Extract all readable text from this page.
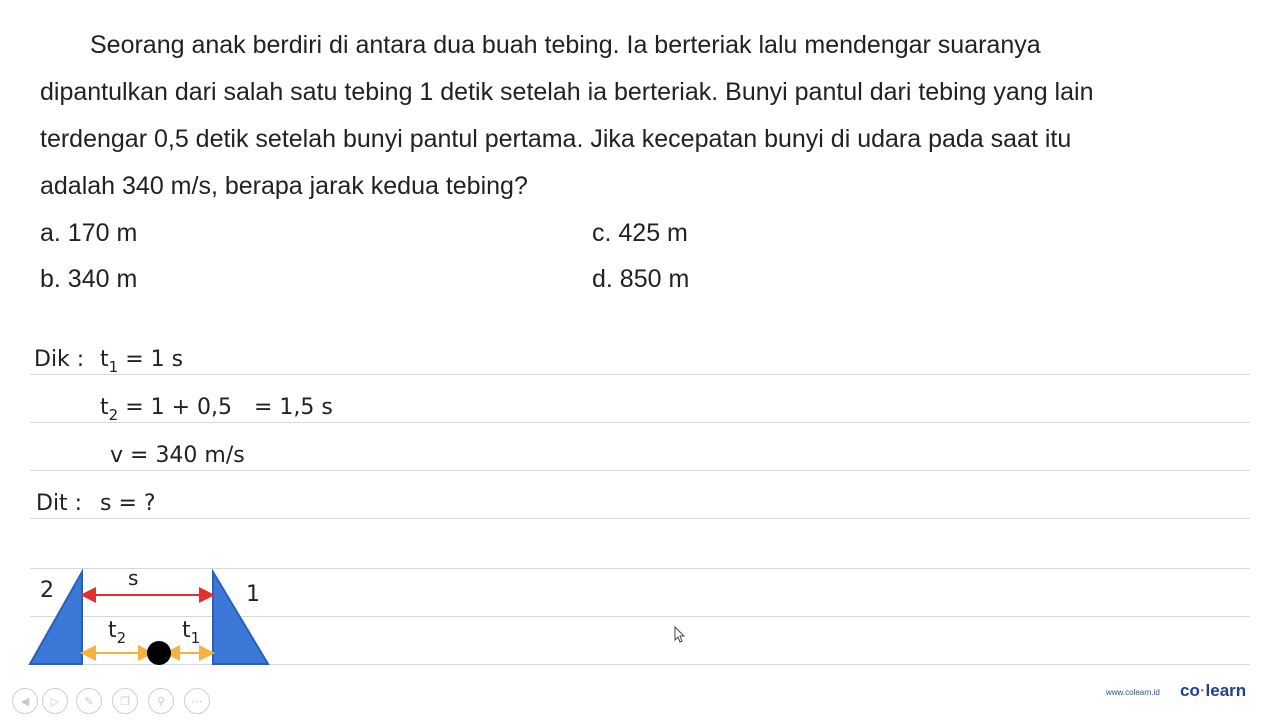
Seorang anak berdiri di antara dua buah tebing. Ia berteriak lalu mendengar suaranya

dipantulkan dari salah satu tebing 1 detik setelah ia berteriak. Bunyi pantul dari tebing yang lain

terdengar 0,5 detik setelah bunyi pantul pertama. Jika kecepatan bunyi di udara pada saat itu

adalah 340 m/s, berapa jarak kedua tebing?

a. 170 m
b. 340 m
c. 425 m
d. 850 m
Dik : $t_1 = 1$ s
$t_2 = 1 + 0,5 = 1,5$ s
v = 340 m/s
Dit : s = ?
2	1
s
$t_2$	$t_1$
◀	▷	✎	❐	⚲	⋯
www.colearn.id co·learn
